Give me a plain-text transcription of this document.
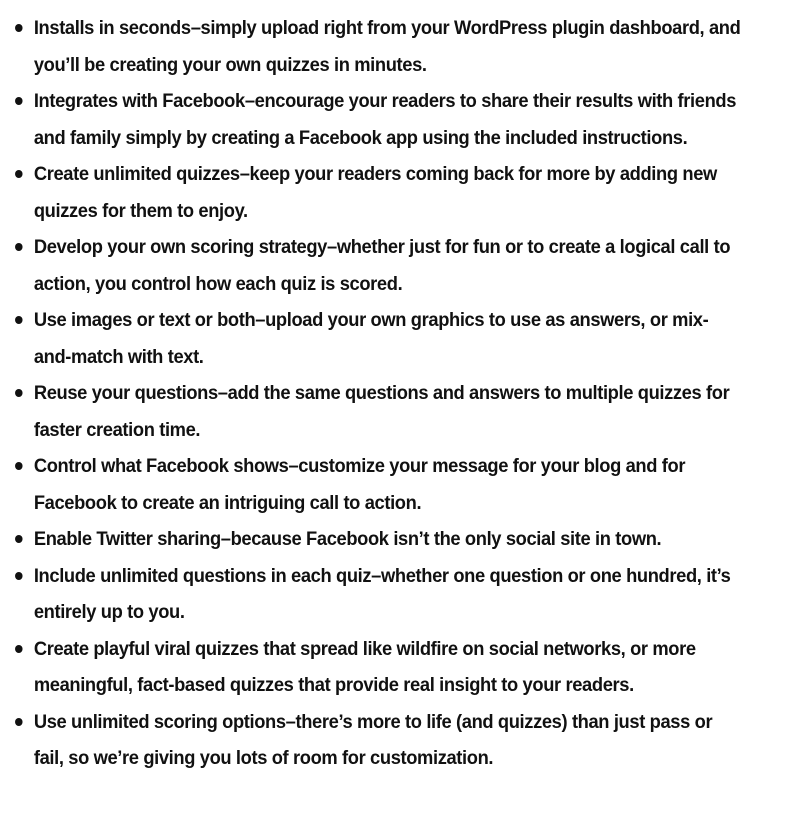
Installs in seconds–simply upload right from your WordPress plugin dashboard, and you’ll be creating your own quizzes in minutes.
Integrates with Facebook–encourage your readers to share their results with friends and family simply by creating a Facebook app using the included instructions.
Create unlimited quizzes–keep your readers coming back for more by adding new quizzes for them to enjoy.
Develop your own scoring strategy–whether just for fun or to create a logical call to action, you control how each quiz is scored.
Use images or text or both–upload your own graphics to use as answers, or mix-and-match with text.
Reuse your questions–add the same questions and answers to multiple quizzes for faster creation time.
Control what Facebook shows–customize your message for your blog and for Facebook to create an intriguing call to action.
Enable Twitter sharing–because Facebook isn’t the only social site in town.
Include unlimited questions in each quiz–whether one question or one hundred, it’s entirely up to you.
Create playful viral quizzes that spread like wildfire on social networks, or more meaningful, fact-based quizzes that provide real insight to your readers.
Use unlimited scoring options–there’s more to life (and quizzes) than just pass or fail, so we’re giving you lots of room for customization.
